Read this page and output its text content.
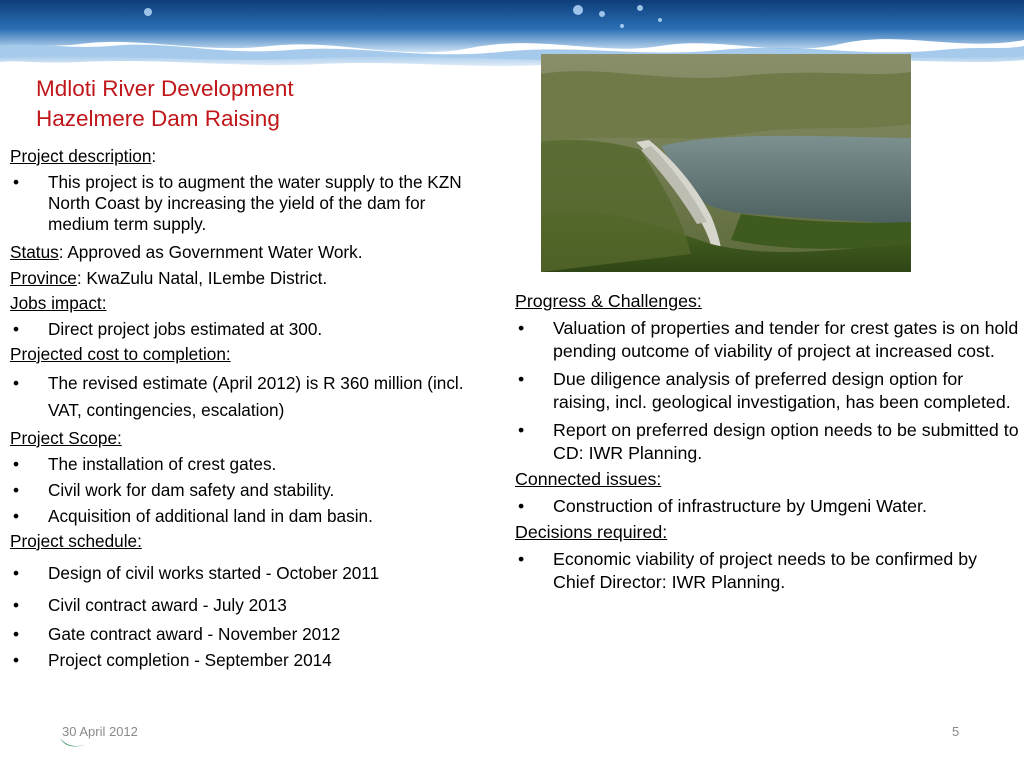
Mdloti River Development
Hazelmere Dam Raising
Project description:
• This project is to augment the water supply to the KZN North Coast by increasing the yield of the dam for medium term supply.
Status: Approved as Government Water Work.
Province: KwaZulu Natal, ILembe District.
Jobs impact:
• Direct project jobs estimated at 300.
Projected cost to completion:
• The revised estimate (April 2012) is R 360 million (incl. VAT, contingencies, escalation)
Project Scope:
• The installation of crest gates.
• Civil work for dam safety and stability.
• Acquisition of additional land in dam basin.
Project schedule:
• Design of civil works started - October 2011
• Civil contract award - July 2013
• Gate contract award - November 2012
• Project completion - September 2014
Progress & Challenges:
• Valuation of properties and tender for crest gates is on hold pending outcome of viability of project at increased cost.
• Due diligence analysis of preferred design option for raising, incl. geological investigation, has been completed.
• Report on preferred design option needs to be submitted to CD: IWR Planning.
Connected issues:
• Construction of infrastructure by Umgeni Water.
Decisions required:
• Economic viability of project needs to be confirmed by Chief Director: IWR Planning.
30 April 2012	5
